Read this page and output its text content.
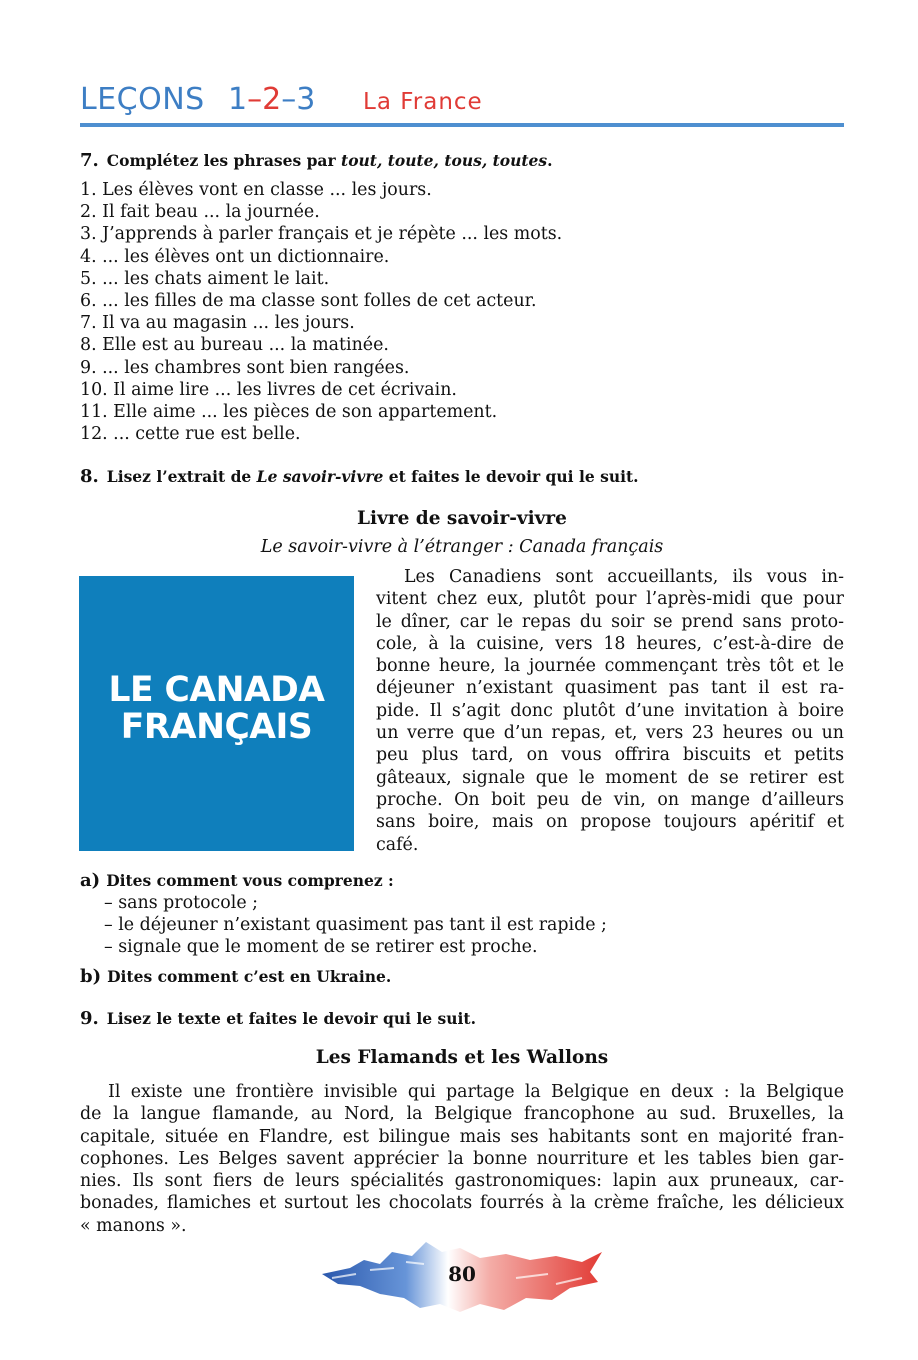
LEÇONS 1–2–3 La France
7. Complétez les phrases par tout, toute, tous, toutes.
1. Les élèves vont en classe ... les jours.
2. Il fait beau ... la journée.
3. J’apprends à parler français et je répète ... les mots.
4. ... les élèves ont un dictionnaire.
5. ... les chats aiment le lait.
6. ... les filles de ma classe sont folles de cet acteur.
7. Il va au magasin ... les jours.
8. Elle est au bureau ... la matinée.
9. ... les chambres sont bien rangées.
10. Il aime lire ... les livres de cet écrivain.
11. Elle aime ... les pièces de son appartement.
12. ... cette rue est belle.
8. Lisez l’extrait de Le savoir-vivre et faites le devoir qui le suit.
Livre de savoir-vivre
Le savoir-vivre à l’étranger : Canada français
LE CANADA
FRANÇAIS
Les Canadiens sont accueillants, ils vous in-
vitent chez eux, plutôt pour l’après-midi que pour
le dîner, car le repas du soir se prend sans proto-
cole, à la cuisine, vers 18 heures, c’est-à-dire de
bonne heure, la journée commençant très tôt et le
déjeuner n’existant quasiment pas tant il est ra-
pide. Il s’agit donc plutôt d’une invitation à boire
un verre que d’un repas, et, vers 23 heures ou un
peu plus tard, on vous offrira biscuits et petits
gâteaux, signale que le moment de se retirer est
proche. On boit peu de vin, on mange d’ailleurs
sans boire, mais on propose toujours apéritif et
café.
a) Dites comment vous comprenez :
– sans protocole ;
– le déjeuner n’existant quasiment pas tant il est rapide ;
– signale que le moment de se retirer est proche.
b) Dites comment c’est en Ukraine.
9. Lisez le texte et faites le devoir qui le suit.
Les Flamands et les Wallons
Il existe une frontière invisible qui partage la Belgique en deux : la Belgique
de la langue flamande, au Nord, la Belgique francophone au sud. Bruxelles, la
capitale, située en Flandre, est bilingue mais ses habitants sont en majorité fran-
cophones. Les Belges savent apprécier la bonne nourriture et les tables bien gar-
nies. Ils sont fiers de leurs spécialités gastronomiques: lapin aux pruneaux, car-
bonades, flamiches et surtout les chocolats fourrés à la crème fraîche, les délicieux
« manons ».
80
